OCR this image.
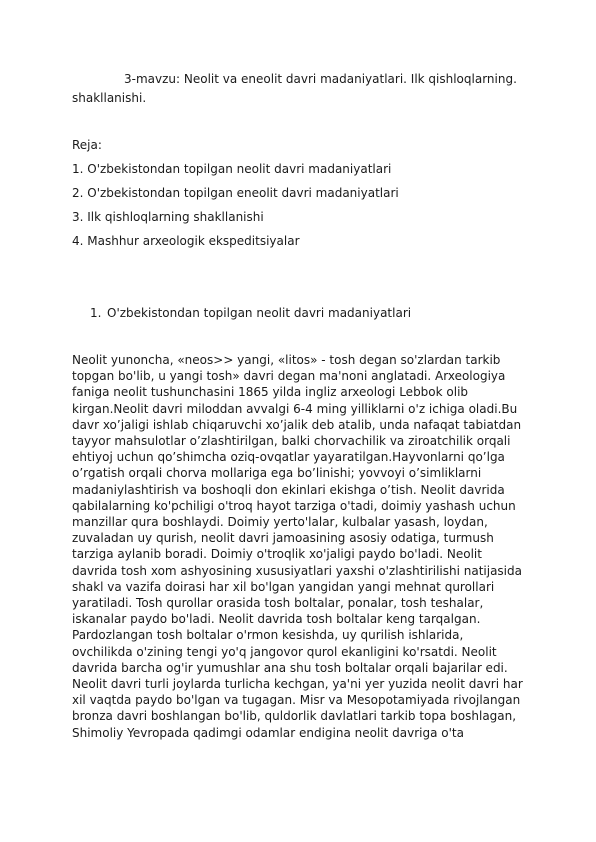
3-mavzu: Neolit va eneolit davri madaniyatlari. Ilk qishloqlarning. shakllanishi.
Reja:
1. O'zbekistondan topilgan neolit davri madaniyatlari
2. O'zbekistondan topilgan eneolit davri madaniyatlari
3. Ilk qishloqlarning shakllanishi
4. Mashhur arxeologik ekspeditsiyalar
1. O'zbekistondan topilgan neolit davri madaniyatlari

Neolit yunoncha, «neos>> yangi, «litos» - tosh degan so'zlardan tarkib topgan bo'lib, u yangi tosh» davri degan ma'noni anglatadi. Arxeologiya faniga neolit tushunchasini 1865 yilda ingliz arxeologi Lebbok olib kirgan.Neolit davri miloddan avvalgi 6-4 ming yilliklarni o'z ichiga oladi.Bu davr xo’jaligi ishlab chiqaruvchi xo’jalik deb atalib, unda nafaqat tabiatdan tayyor mahsulotlar o’zlashtirilgan, balki chorvachilik va ziroatchilik orqali ehtiyoj uchun qo’shimcha oziq-ovqatlar yayaratilgan.Hayvonlarni qo’lga o’rgatish orqali chorva mollariga ega bo’linishi; yovvoyi o’simliklarni madaniylashtirish va boshoqli don ekinlari ekishga o’tish. Neolit davrida qabilalarning ko'pchiligi o'troq hayot tarziga o'tadi, doimiy yashash uchun manzillar qura boshlaydi. Doimiy yerto'lalar, kulbalar yasash, loydan, zuvaladan uy qurish, neolit davri jamoasining asosiy odatiga, turmush tarziga aylanib boradi. Doimiy o'troqlik xo'jaligi paydo bo'ladi. Neolit davrida tosh xom ashyosining xususiyatlari yaxshi o'zlashtirilishi natijasida shakl va vazifa doirasi har xil bo'lgan yangidan yangi mehnat qurollari yaratiladi. Tosh qurollar orasida tosh boltalar, ponalar, tosh teshalar, iskanalar paydo bo'ladi. Neolit davrida tosh boltalar keng tarqalgan. Pardozlangan tosh boltalar o'rmon kesishda, uy qurilish ishlarida, ovchilikda o'zining tengi yo'q jangovor qurol ekanligini ko'rsatdi. Neolit davrida barcha og'ir yumushlar ana shu tosh boltalar orqali bajarilar edi. Neolit davri turli joylarda turlicha kechgan, ya'ni yer yuzida neolit davri har xil vaqtda paydo bo'lgan va tugagan. Misr va Mesopotamiyada rivojlangan bronza davri boshlangan bo'lib, quldorlik davlatlari tarkib topa boshlagan, Shimoliy Yevropada qadimgi odamlar endigina neolit davriga o'ta
